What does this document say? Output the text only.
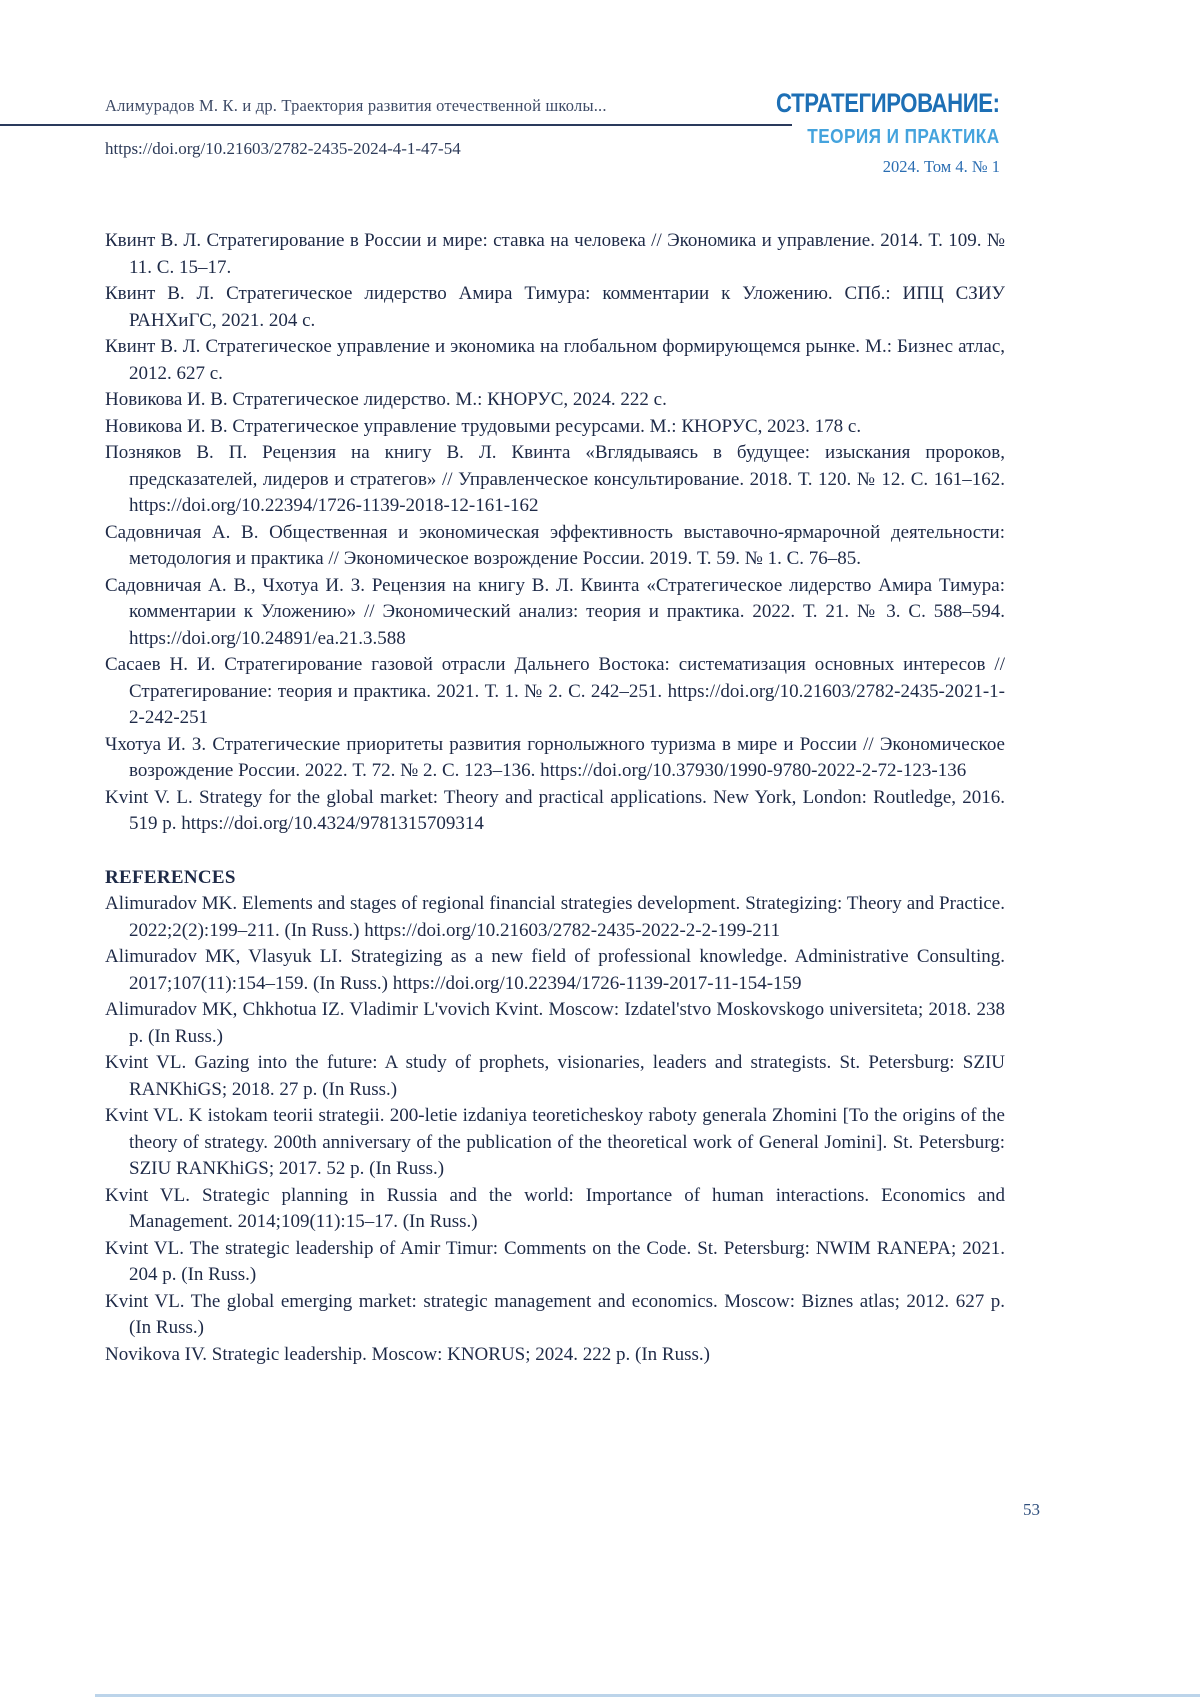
Алимурадов М. К. и др. Траектория развития отечественной школы...
https://doi.org/10.21603/2782-2435-2024-4-1-47-54
СТРАТЕГИРОВАНИЕ:
ТЕОРИЯ И ПРАКТИКА
2024. Том 4. № 1

Квинт В. Л. Стратегирование в России и мире: ставка на человека // Экономика и управление. 2014. Т. 109. № 11. С. 15–17.

Квинт В. Л. Стратегическое лидерство Амира Тимура: комментарии к Уложению. СПб.: ИПЦ СЗИУ РАНХиГС, 2021. 204 с.

Квинт В. Л. Стратегическое управление и экономика на глобальном формирующемся рынке. М.: Бизнес атлас, 2012. 627 с.

Новикова И. В. Стратегическое лидерство. М.: КНОРУС, 2024. 222 с.

Новикова И. В. Стратегическое управление трудовыми ресурсами. М.: КНОРУС, 2023. 178 с.

Позняков В. П. Рецензия на книгу В. Л. Квинта «Вглядываясь в будущее: изыскания пророков, предсказателей, лидеров и стратегов» // Управленческое консультирование. 2018. Т. 120. № 12. С. 161–162. https://doi.org/10.22394/1726-1139-2018-12-161-162

Садовничая А. В. Общественная и экономическая эффективность выставочно-ярмарочной деятельности: методология и практика // Экономическое возрождение России. 2019. Т. 59. № 1. С. 76–85.

Садовничая А. В., Чхотуа И. З. Рецензия на книгу В. Л. Квинта «Стратегическое лидерство Амира Тимура: комментарии к Уложению» // Экономический анализ: теория и практика. 2022. Т. 21. № 3. С. 588–594. https://doi.org/10.24891/ea.21.3.588

Сасаев Н. И. Стратегирование газовой отрасли Дальнего Востока: систематизация основных интересов // Стратегирование: теория и практика. 2021. Т. 1. № 2. С. 242–251. https://doi.org/10.21603/2782-2435-2021-1-2-242-251

Чхотуа И. З. Стратегические приоритеты развития горнолыжного туризма в мире и России // Экономическое возрождение России. 2022. Т. 72. № 2. С. 123–136. https://doi.org/10.37930/1990-9780-2022-2-72-123-136

Kvint V. L. Strategy for the global market: Theory and practical applications. New York, London: Routledge, 2016. 519 p. https://doi.org/10.4324/9781315709314

REFERENCES

Alimuradov MK. Elements and stages of regional financial strategies development. Strategizing: Theory and Practice. 2022;2(2):199–211. (In Russ.) https://doi.org/10.21603/2782-2435-2022-2-2-199-211

Alimuradov MK, Vlasyuk LI. Strategizing as a new field of professional knowledge. Administrative Consulting. 2017;107(11):154–159. (In Russ.) https://doi.org/10.22394/1726-1139-2017-11-154-159

Alimuradov MK, Chkhotua IZ. Vladimir L'vovich Kvint. Moscow: Izdatel'stvo Moskovskogo universiteta; 2018. 238 p. (In Russ.)

Kvint VL. Gazing into the future: A study of prophets, visionaries, leaders and strategists. St. Petersburg: SZIU RANKhiGS; 2018. 27 p. (In Russ.)

Kvint VL. K istokam teorii strategii. 200-letie izdaniya teoreticheskoy raboty generala Zhomini [To the origins of the theory of strategy. 200th anniversary of the publication of the theoretical work of General Jomini]. St. Petersburg: SZIU RANKhiGS; 2017. 52 p. (In Russ.)

Kvint VL. Strategic planning in Russia and the world: Importance of human interactions. Economics and Management. 2014;109(11):15–17. (In Russ.)

Kvint VL. The strategic leadership of Amir Timur: Comments on the Code. St. Petersburg: NWIM RANEPA; 2021. 204 p. (In Russ.)

Kvint VL. The global emerging market: strategic management and economics. Moscow: Biznes atlas; 2012. 627 p. (In Russ.)

Novikova IV. Strategic leadership. Moscow: KNORUS; 2024. 222 p. (In Russ.)

53
